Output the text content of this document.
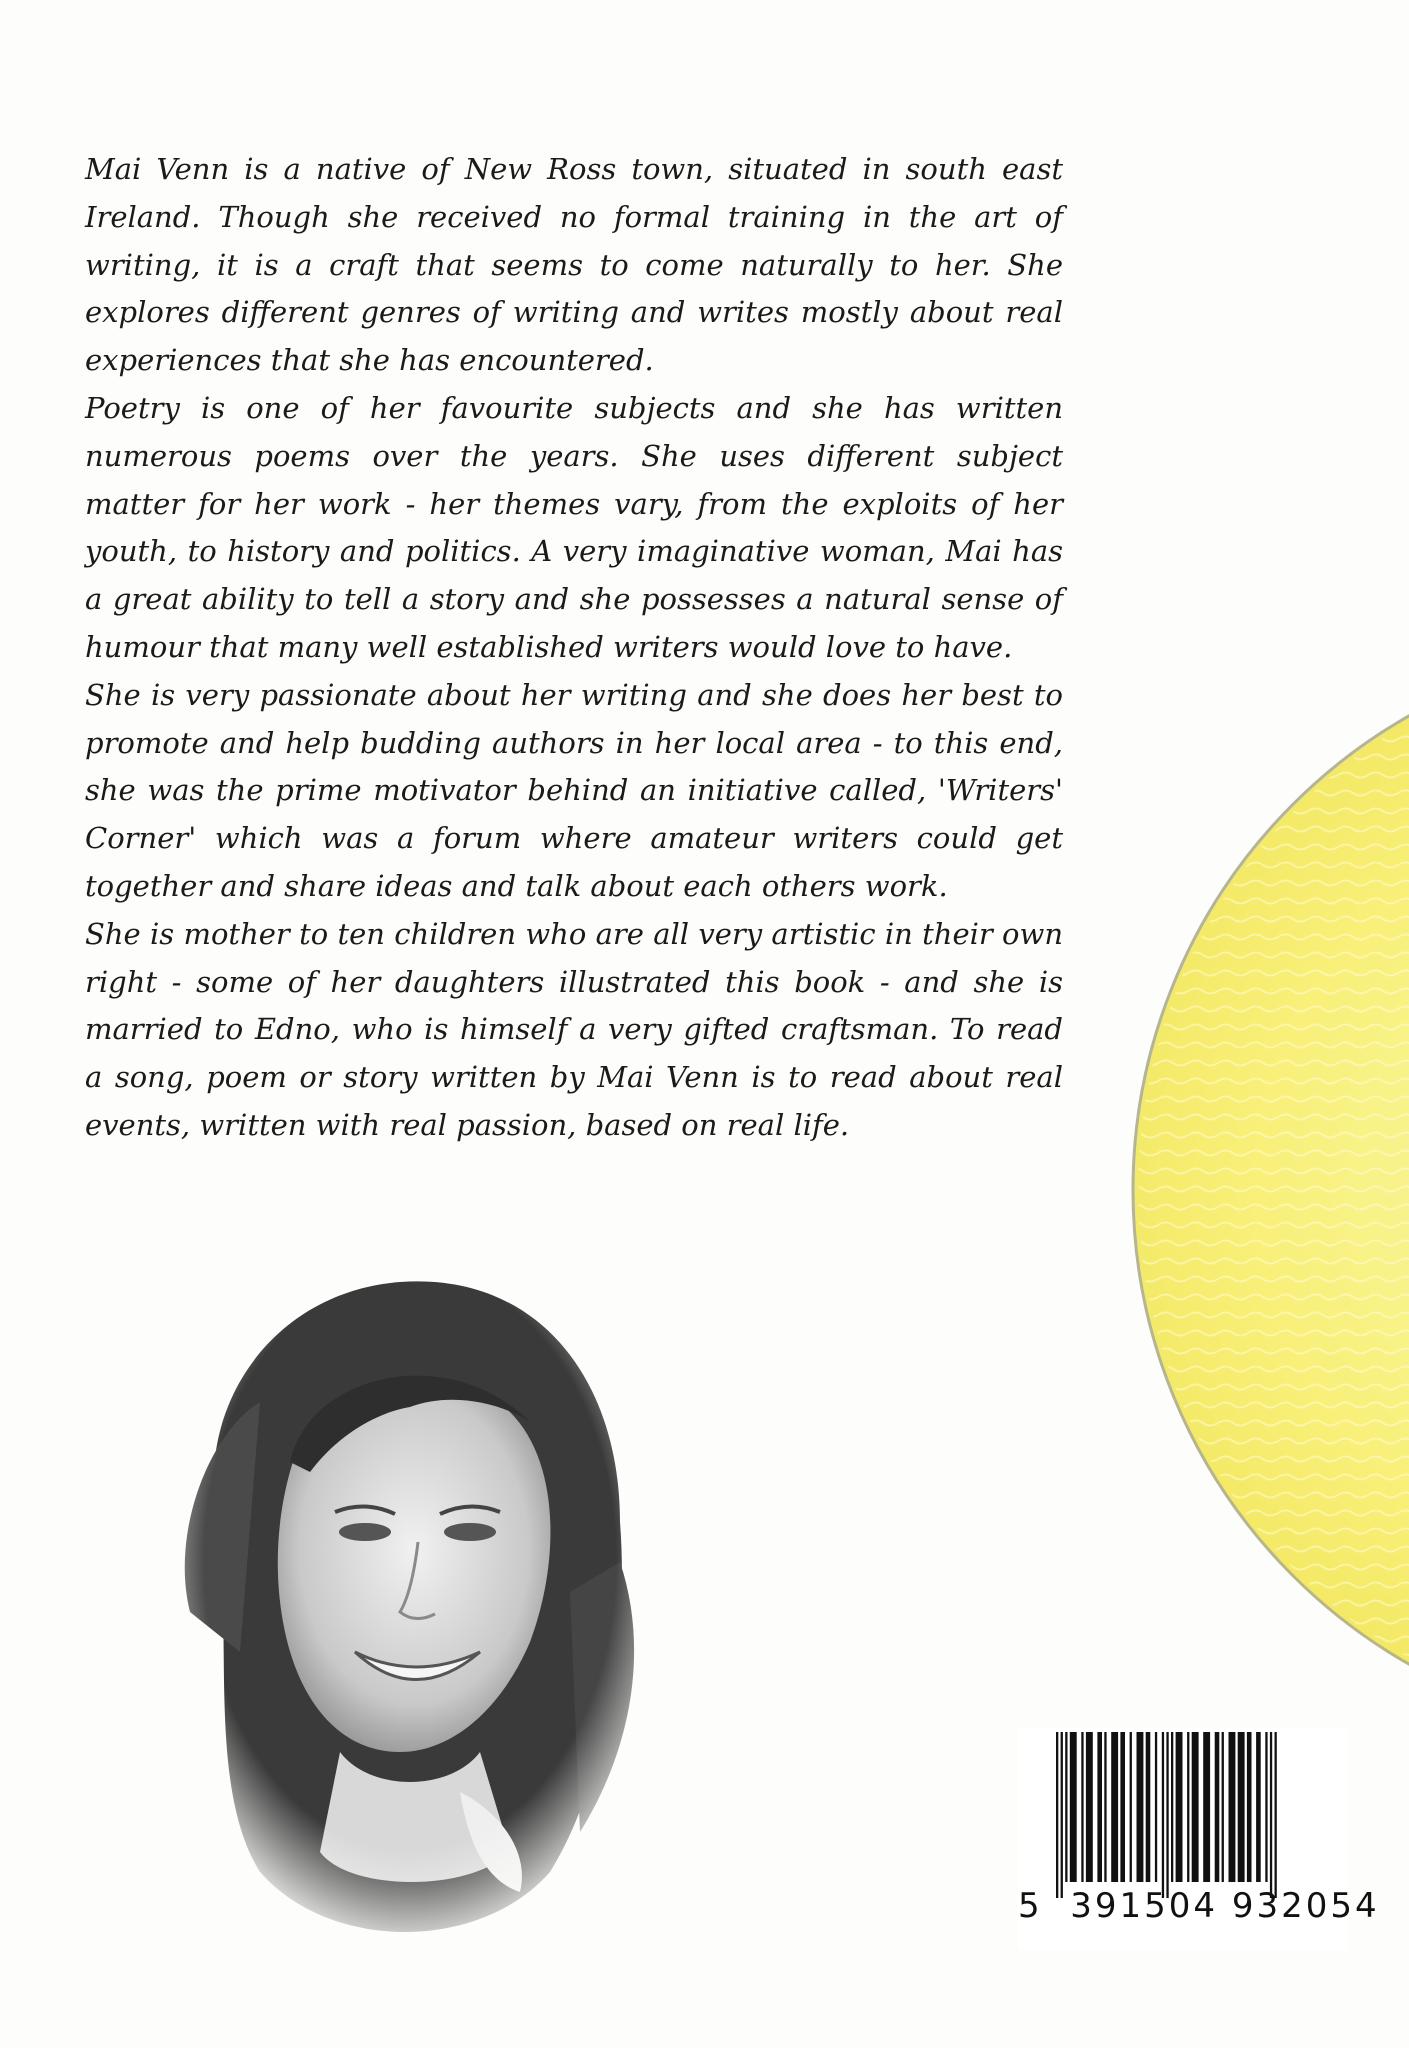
Mai Venn is a native of New Ross town, situated in south east Ireland. Though she received no formal training in the art of writing, it is a craft that seems to come naturally to her. She explores different genres of writing and writes mostly about real experiences that she has encountered.

Poetry is one of her favourite subjects and she has written numerous poems over the years. She uses different subject matter for her work - her themes vary, from the exploits of her youth, to history and politics. A very imaginative woman, Mai has a great ability to tell a story and she possesses a natural sense of humour that many well established writers would love to have.

She is very passionate about her writing and she does her best to promote and help budding authors in her local area - to this end, she was the prime motivator behind an initiative called, 'Writers' Corner' which was a forum where amateur writers could get together and share ideas and talk about each others work.

She is mother to ten children who are all very artistic in their own right - some of her daughters illustrated this book - and she is married to Edno, who is himself a very gifted craftsman. To read a song, poem or story written by Mai Venn is to read about real events, written with real passion, based on real life.

5 391504 932054
